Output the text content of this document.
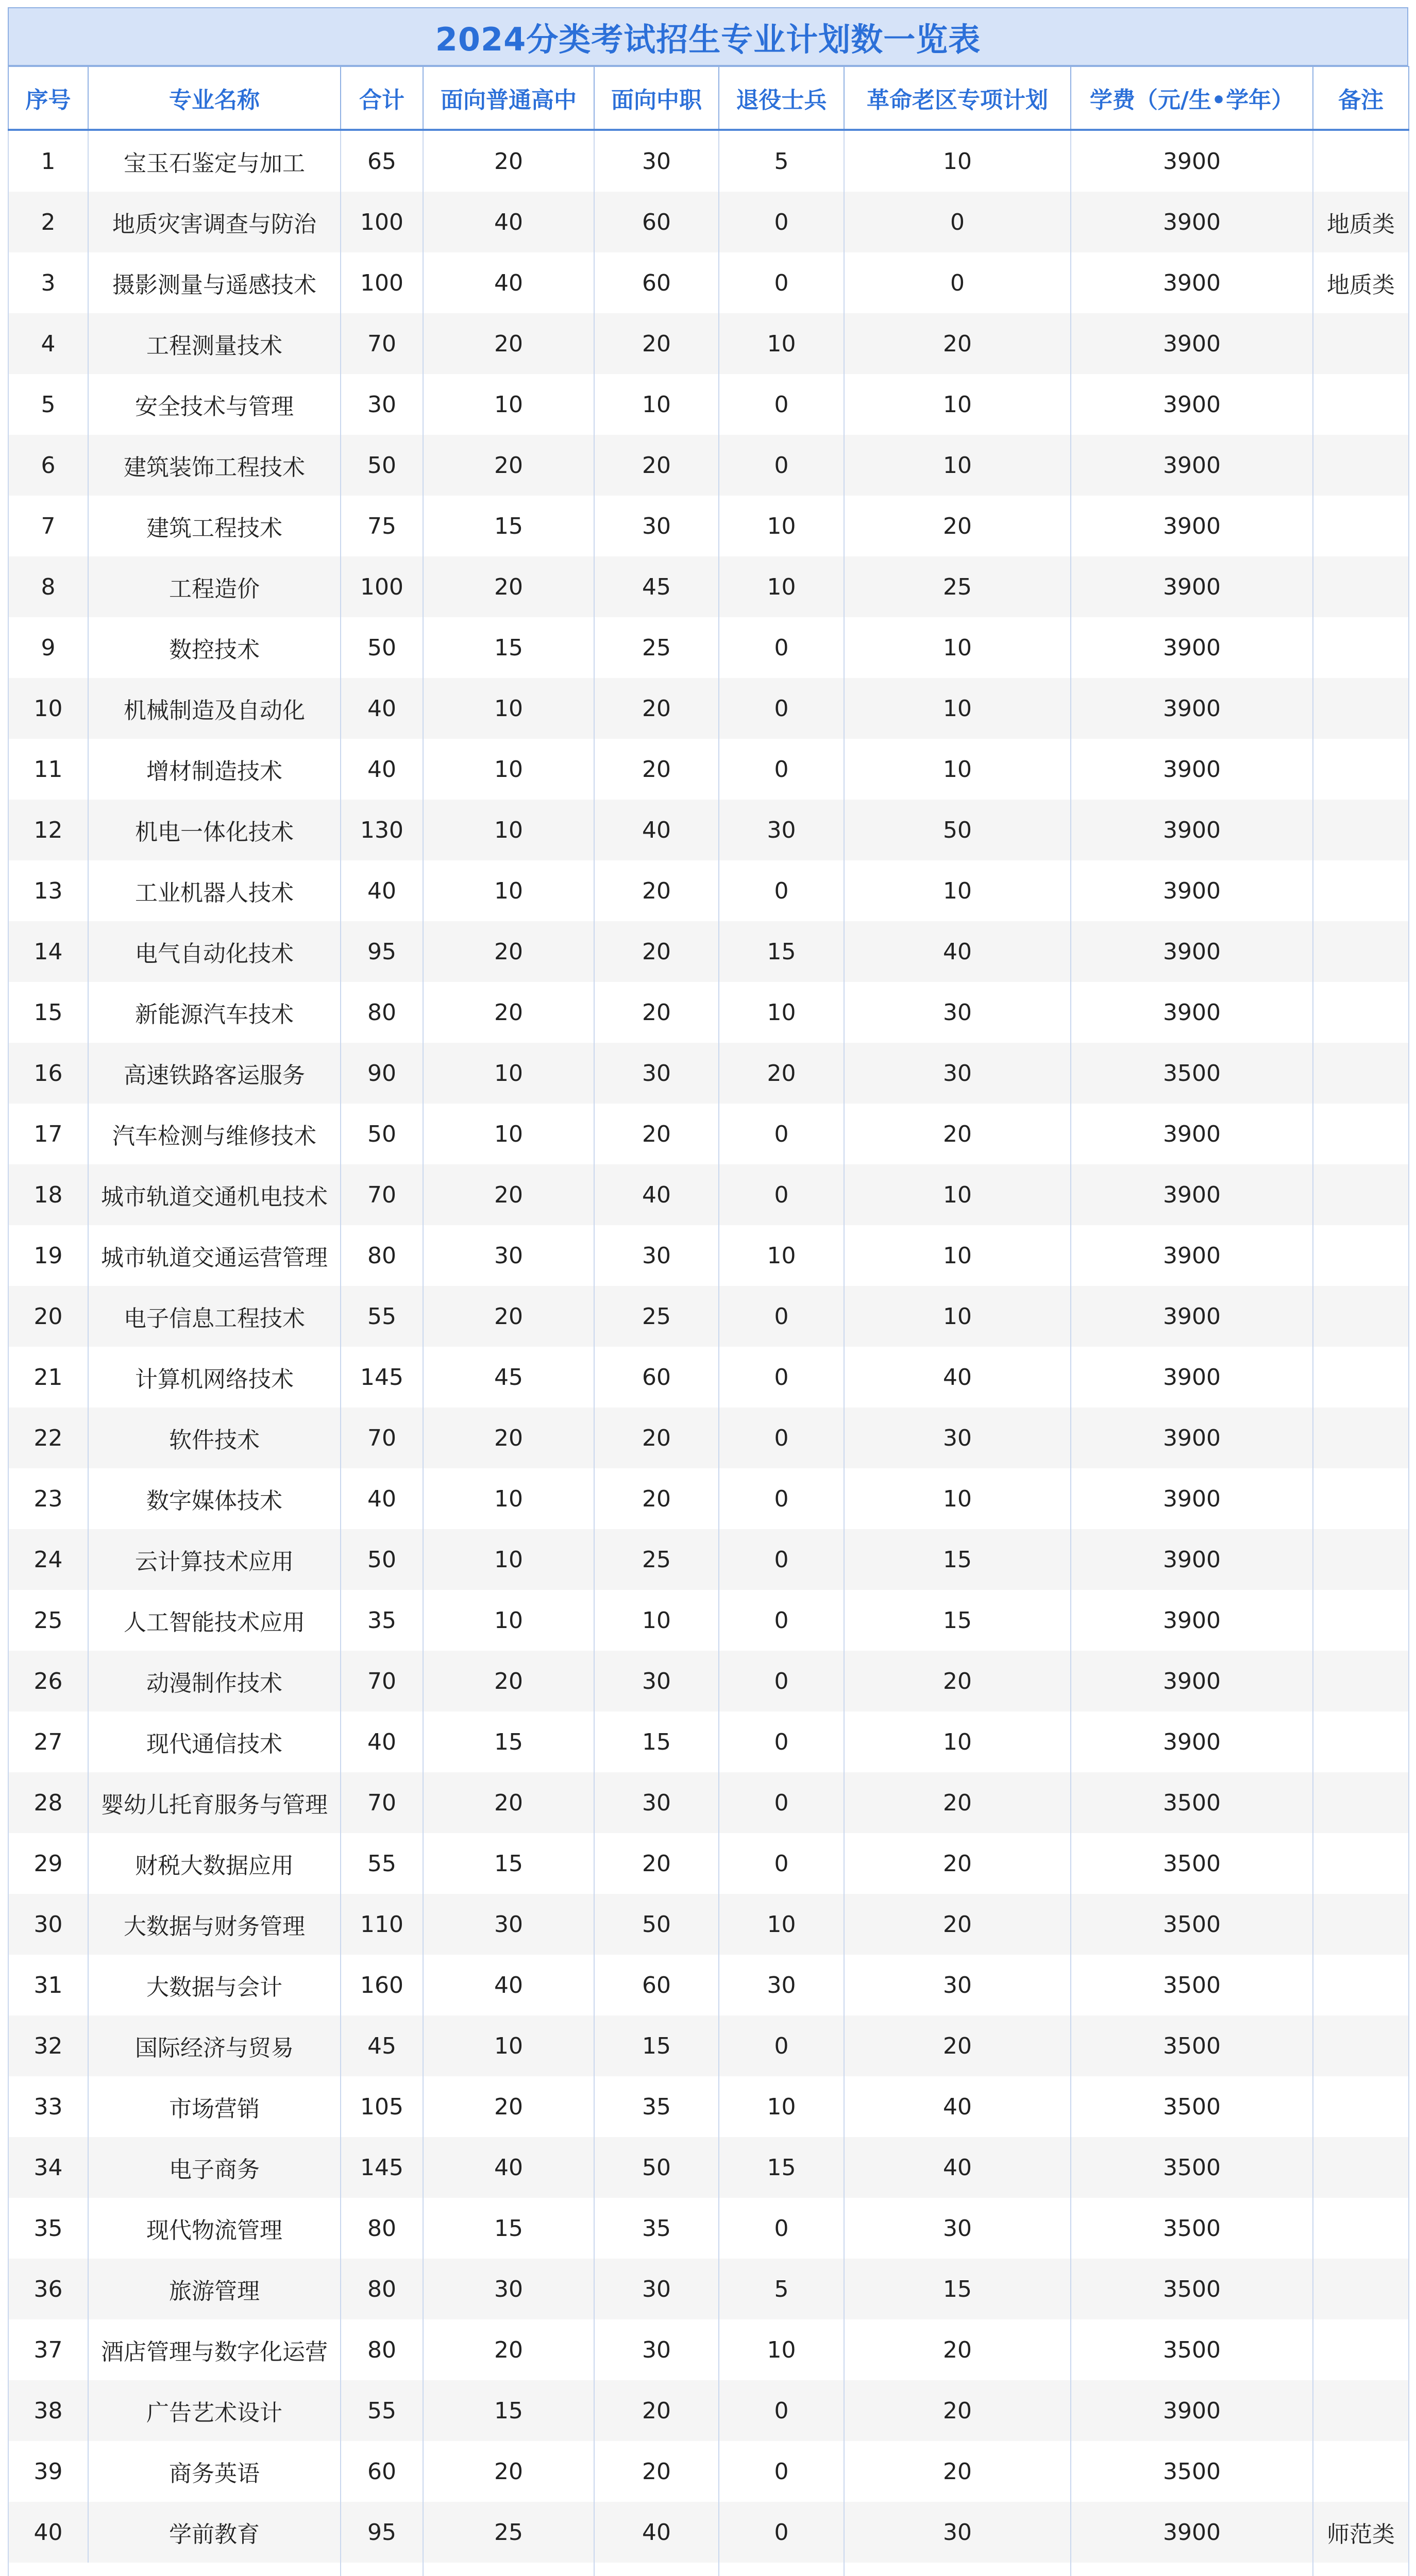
2024分类考试招生专业计划数一览表
序号	专业名称	合计	面向普通高中	面向中职	退役士兵	革命老区专项计划	学费（元/生•学年）	备注
1	宝玉石鉴定与加工	65	20	30	5	10	3900	
2	地质灾害调查与防治	100	40	60	0	0	3900	地质类
3	摄影测量与遥感技术	100	40	60	0	0	3900	地质类
4	工程测量技术	70	20	20	10	20	3900	
5	安全技术与管理	30	10	10	0	10	3900	
6	建筑装饰工程技术	50	20	20	0	10	3900	
7	建筑工程技术	75	15	30	10	20	3900	
8	工程造价	100	20	45	10	25	3900	
9	数控技术	50	15	25	0	10	3900	
10	机械制造及自动化	40	10	20	0	10	3900	
11	增材制造技术	40	10	20	0	10	3900	
12	机电一体化技术	130	10	40	30	50	3900	
13	工业机器人技术	40	10	20	0	10	3900	
14	电气自动化技术	95	20	20	15	40	3900	
15	新能源汽车技术	80	20	20	10	30	3900	
16	高速铁路客运服务	90	10	30	20	30	3500	
17	汽车检测与维修技术	50	10	20	0	20	3900	
18	城市轨道交通机电技术	70	20	40	0	10	3900	
19	城市轨道交通运营管理	80	30	30	10	10	3900	
20	电子信息工程技术	55	20	25	0	10	3900	
21	计算机网络技术	145	45	60	0	40	3900	
22	软件技术	70	20	20	0	30	3900	
23	数字媒体技术	40	10	20	0	10	3900	
24	云计算技术应用	50	10	25	0	15	3900	
25	人工智能技术应用	35	10	10	0	15	3900	
26	动漫制作技术	70	20	30	0	20	3900	
27	现代通信技术	40	15	15	0	10	3900	
28	婴幼儿托育服务与管理	70	20	30	0	20	3500	
29	财税大数据应用	55	15	20	0	20	3500	
30	大数据与财务管理	110	30	50	10	20	3500	
31	大数据与会计	160	40	60	30	30	3500	
32	国际经济与贸易	45	10	15	0	20	3500	
33	市场营销	105	20	35	10	40	3500	
34	电子商务	145	40	50	15	40	3500	
35	现代物流管理	80	15	35	0	30	3500	
36	旅游管理	80	30	30	5	15	3500	
37	酒店管理与数字化运营	80	20	30	10	20	3500	
38	广告艺术设计	55	15	20	0	20	3900	
39	商务英语	60	20	20	0	20	3500	
40	学前教育	95	25	40	0	30	3900	师范类
